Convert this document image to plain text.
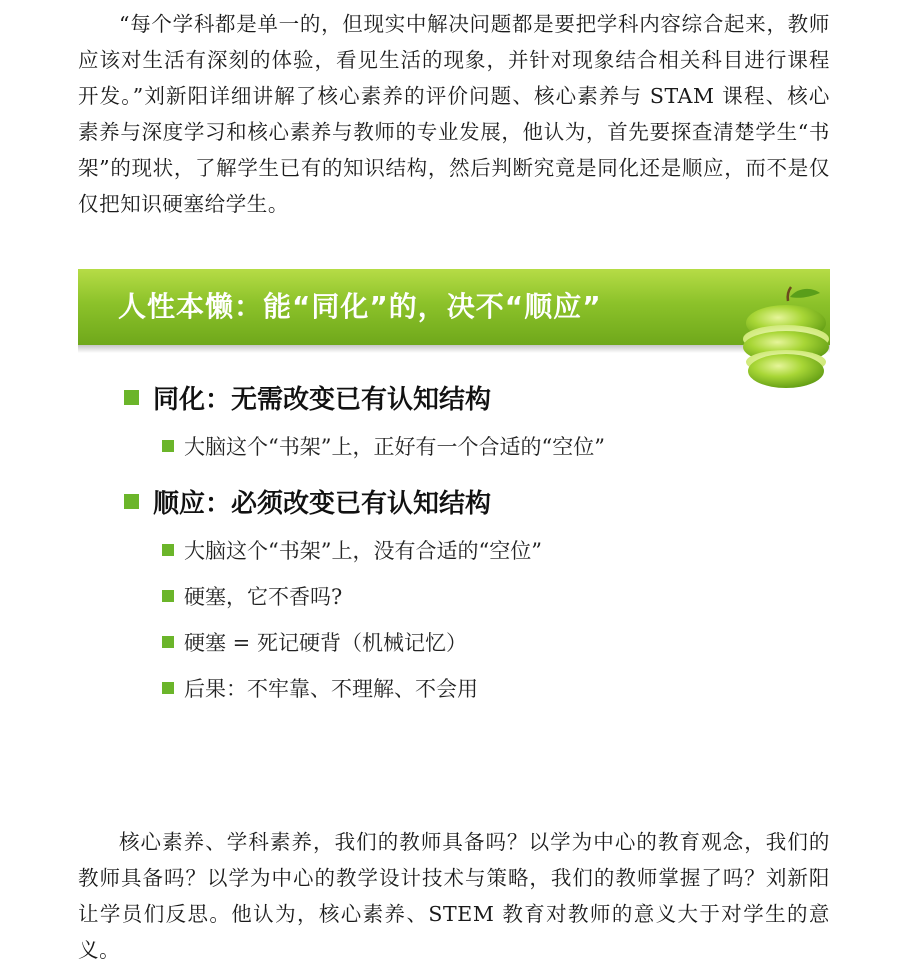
“每个学科都是单一的，但现实中解决问题都是要把学科内容综合起来，教师应该对生活有深刻的体验，看见生活的现象，并针对现象结合相关科目进行课程开发。”刘新阳详细讲解了核心素养的评价问题、核心素养与 STAM 课程、核心素养与深度学习和核心素养与教师的专业发展，他认为，首先要探查清楚学生“书架”的现状，了解学生已有的知识结构，然后判断究竟是同化还是顺应，而不是仅仅把知识硬塞给学生。

人性本懒：能“同化”的，决不“顺应”
同化：无需改变已有认知结构
大脑这个“书架”上，正好有一个合适的“空位”
顺应：必须改变已有认知结构
大脑这个“书架”上，没有合适的“空位”
硬塞，它不香吗?
硬塞 = 死记硬背（机械记忆）
后果：不牢靠、不理解、不会用

核心素养、学科素养，我们的教师具备吗？以学为中心的教育观念，我们的教师具备吗？以学为中心的教学设计技术与策略，我们的教师掌握了吗？刘新阳让学员们反思。他认为，核心素养、STEM 教育对教师的意义大于对学生的意义。
